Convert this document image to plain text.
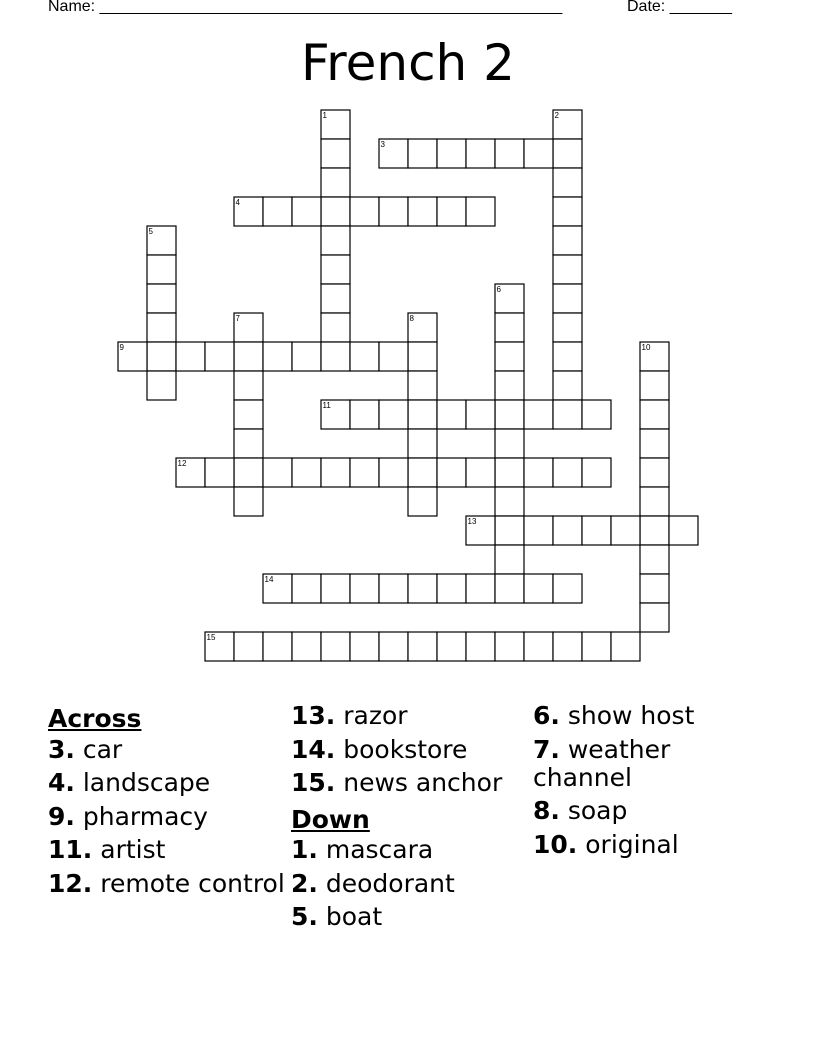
Name: ____________________________________________________	Date: _______
French 2
1	2
3
4
5
6
7	8
9	10
11
12
13
14
15
Across
3. car
4. landscape
9. pharmacy
11. artist
12. remote control
13. razor
14. bookstore
15. news anchor
Down
1. mascara
2. deodorant
5. boat
6. show host
7. weather channel
8. soap
10. original
